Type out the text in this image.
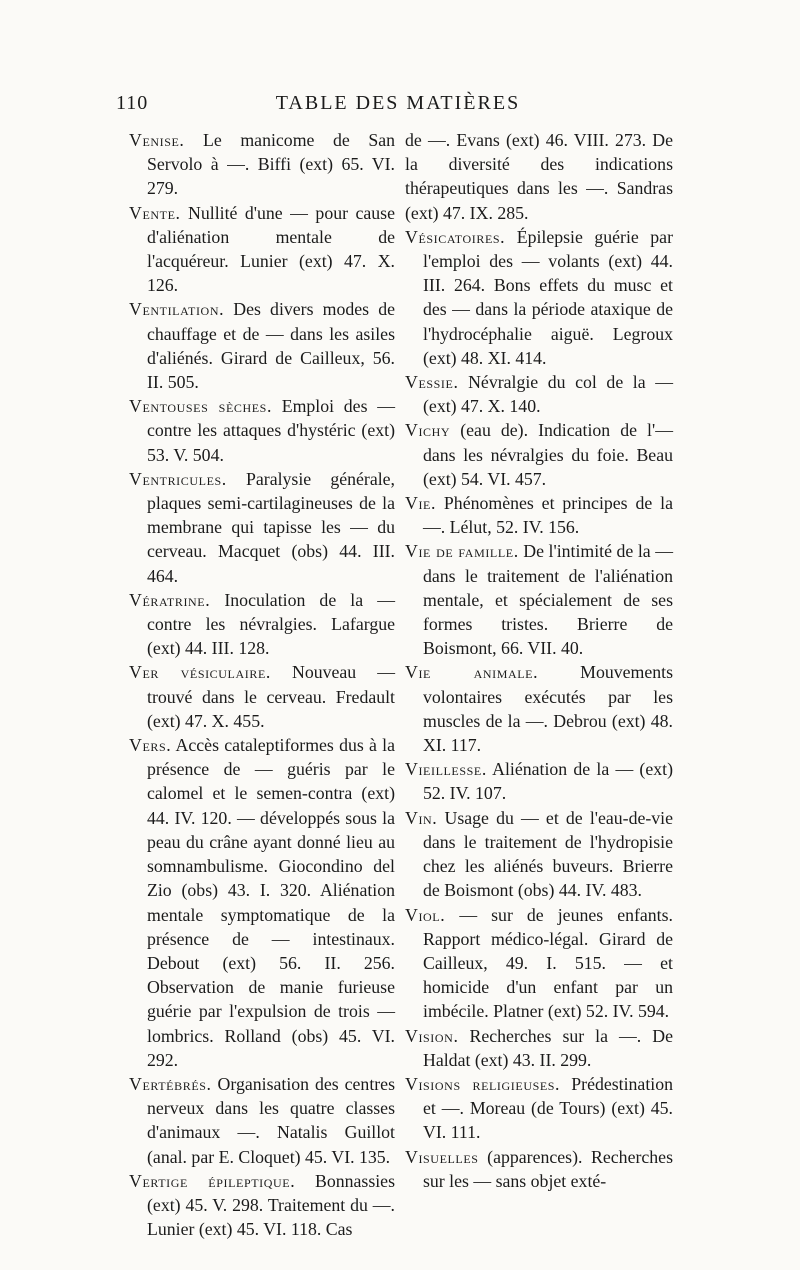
110	TABLE DES MATIÈRES

Venise. Le manicome de San Servolo à —. Biffi (ext) 65. VI. 279.

Vente. Nullité d'une — pour cause d'aliénation mentale de l'acquéreur. Lunier (ext) 47. X. 126.

Ventilation. Des divers modes de chauffage et de — dans les asiles d'aliénés. Girard de Cailleux, 56. II. 505.

Ventouses sèches. Emploi des — contre les attaques d'hystéric (ext) 53. V. 504.

Ventricules. Paralysie générale, plaques semi-cartilagineuses de la membrane qui tapisse les — du cerveau. Macquet (obs) 44. III. 464.

Vératrine. Inoculation de la — contre les névralgies. Lafargue (ext) 44. III. 128.

Ver vésiculaire. Nouveau — trouvé dans le cerveau. Fredault (ext) 47. X. 455.

Vers. Accès cataleptiformes dus à la présence de — guéris par le calomel et le semen-contra (ext) 44. IV. 120. — développés sous la peau du crâne ayant donné lieu au somnambulisme. Giocondino del Zio (obs) 43. I. 320. Aliénation mentale symptomatique de la présence de — intestinaux. Debout (ext) 56. II. 256. Observation de manie furieuse guérie par l'expulsion de trois — lombrics. Rolland (obs) 45. VI. 292.

Vertébrés. Organisation des centres nerveux dans les quatre classes d'animaux —. Natalis Guillot (anal. par E. Cloquet) 45. VI. 135.

Vertige épileptique. Bonnassies (ext) 45. V. 298. Traitement du —. Lunier (ext) 45. VI. 118. Cas

de —. Evans (ext) 46. VIII. 273. De la diversité des indications thérapeutiques dans les —. Sandras (ext) 47. IX. 285.

Vésicatoires. Épilepsie guérie par l'emploi des — volants (ext) 44. III. 264. Bons effets du musc et des — dans la période ataxique de l'hydrocéphalie aiguë. Legroux (ext) 48. XI. 414.

Vessie. Névralgie du col de la — (ext) 47. X. 140.

Vichy (eau de). Indication de l'— dans les névralgies du foie. Beau (ext) 54. VI. 457.

Vie. Phénomènes et principes de la —. Lélut, 52. IV. 156.

Vie de famille. De l'intimité de la — dans le traitement de l'aliénation mentale, et spécialement de ses formes tristes. Brierre de Boismont, 66. VII. 40.

Vie animale. Mouvements volontaires exécutés par les muscles de la —. Debrou (ext) 48. XI. 117.

Vieillesse. Aliénation de la — (ext) 52. IV. 107.

Vin. Usage du — et de l'eau-de-vie dans le traitement de l'hydropisie chez les aliénés buveurs. Brierre de Boismont (obs) 44. IV. 483.

Viol. — sur de jeunes enfants. Rapport médico-légal. Girard de Cailleux, 49. I. 515. — et homicide d'un enfant par un imbécile. Platner (ext) 52. IV. 594.

Vision. Recherches sur la —. De Haldat (ext) 43. II. 299.

Visions religieuses. Prédestination et —. Moreau (de Tours) (ext) 45. VI. 111.

Visuelles (apparences). Recherches sur les — sans objet exté-
